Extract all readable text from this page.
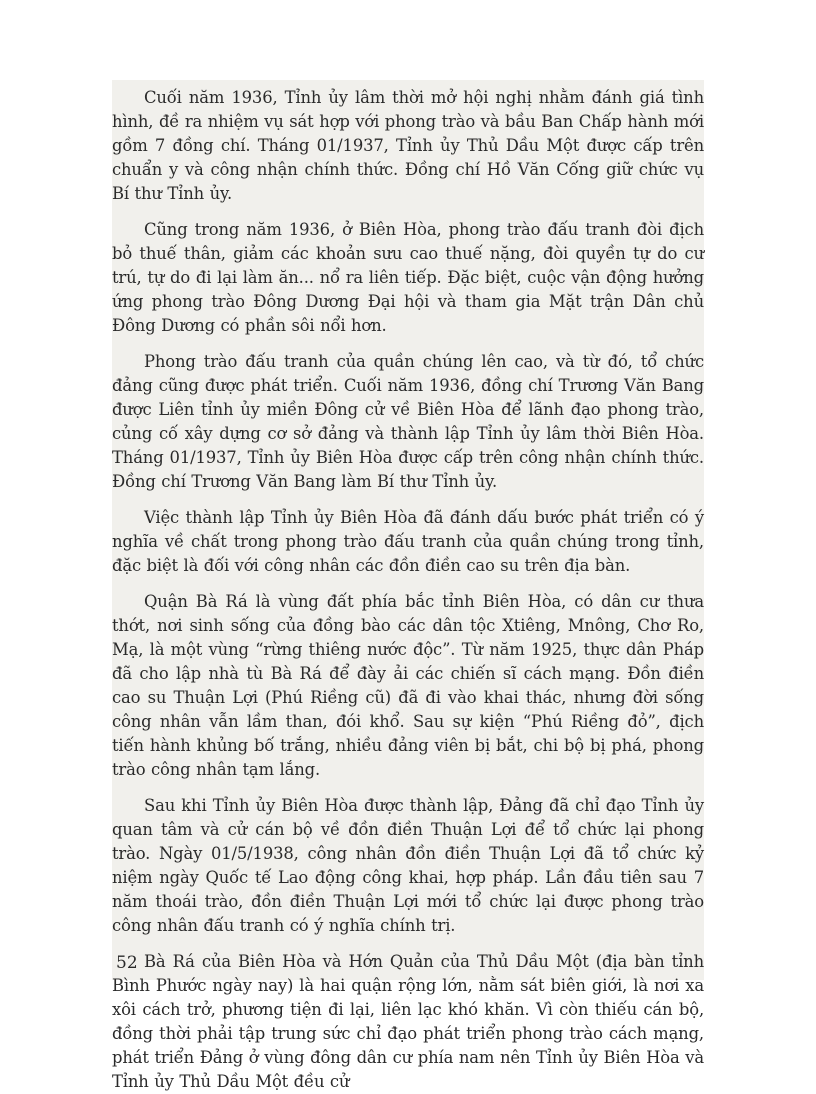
Cuối năm 1936, Tỉnh ủy lâm thời mở hội nghị nhằm đánh giá tình hình, đề ra nhiệm vụ sát hợp với phong trào và bầu Ban Chấp hành mới gồm 7 đồng chí. Tháng 01/1937, Tỉnh ủy Thủ Dầu Một được cấp trên chuẩn y và công nhận chính thức. Đồng chí Hồ Văn Cống giữ chức vụ Bí thư Tỉnh ủy.

Cũng trong năm 1936, ở Biên Hòa, phong trào đấu tranh đòi địch bỏ thuế thân, giảm các khoản sưu cao thuế nặng, đòi quyền tự do cư trú, tự do đi lại làm ăn... nổ ra liên tiếp. Đặc biệt, cuộc vận động hưởng ứng phong trào Đông Dương Đại hội và tham gia Mặt trận Dân chủ Đông Dương có phần sôi nổi hơn.

Phong trào đấu tranh của quần chúng lên cao, và từ đó, tổ chức đảng cũng được phát triển. Cuối năm 1936, đồng chí Trương Văn Bang được Liên tỉnh ủy miền Đông cử về Biên Hòa để lãnh đạo phong trào, củng cố xây dựng cơ sở đảng và thành lập Tỉnh ủy lâm thời Biên Hòa. Tháng 01/1937, Tỉnh ủy Biên Hòa được cấp trên công nhận chính thức. Đồng chí Trương Văn Bang làm Bí thư Tỉnh ủy.

Việc thành lập Tỉnh ủy Biên Hòa đã đánh dấu bước phát triển có ý nghĩa về chất trong phong trào đấu tranh của quần chúng trong tỉnh, đặc biệt là đối với công nhân các đồn điền cao su trên địa bàn.

Quận Bà Rá là vùng đất phía bắc tỉnh Biên Hòa, có dân cư thưa thớt, nơi sinh sống của đồng bào các dân tộc Xtiêng, Mnông, Chơ Ro, Mạ, là một vùng “rừng thiêng nước độc”. Từ năm 1925, thực dân Pháp đã cho lập nhà tù Bà Rá để đày ải các chiến sĩ cách mạng. Đồn điền cao su Thuận Lợi (Phú Riềng cũ) đã đi vào khai thác, nhưng đời sống công nhân vẫn lầm than, đói khổ. Sau sự kiện “Phú Riềng đỏ”, địch tiến hành khủng bố trắng, nhiều đảng viên bị bắt, chi bộ bị phá, phong trào công nhân tạm lắng.

Sau khi Tỉnh ủy Biên Hòa được thành lập, Đảng đã chỉ đạo Tỉnh ủy quan tâm và cử cán bộ về đồn điền Thuận Lợi để tổ chức lại phong trào. Ngày 01/5/1938, công nhân đồn điền Thuận Lợi đã tổ chức kỷ niệm ngày Quốc tế Lao động công khai, hợp pháp. Lần đầu tiên sau 7 năm thoái trào, đồn điền Thuận Lợi mới tổ chức lại được phong trào công nhân đấu tranh có ý nghĩa chính trị.

Bà Rá của Biên Hòa và Hớn Quản của Thủ Dầu Một (địa bàn tỉnh Bình Phước ngày nay) là hai quận rộng lớn, nằm sát biên giới, là nơi xa xôi cách trở, phương tiện đi lại, liên lạc khó khăn. Vì còn thiếu cán bộ, đồng thời phải tập trung sức chỉ đạo phát triển phong trào cách mạng, phát triển Đảng ở vùng đông dân cư phía nam nên Tỉnh ủy Biên Hòa và Tỉnh ủy Thủ Dầu Một đều cử

52
